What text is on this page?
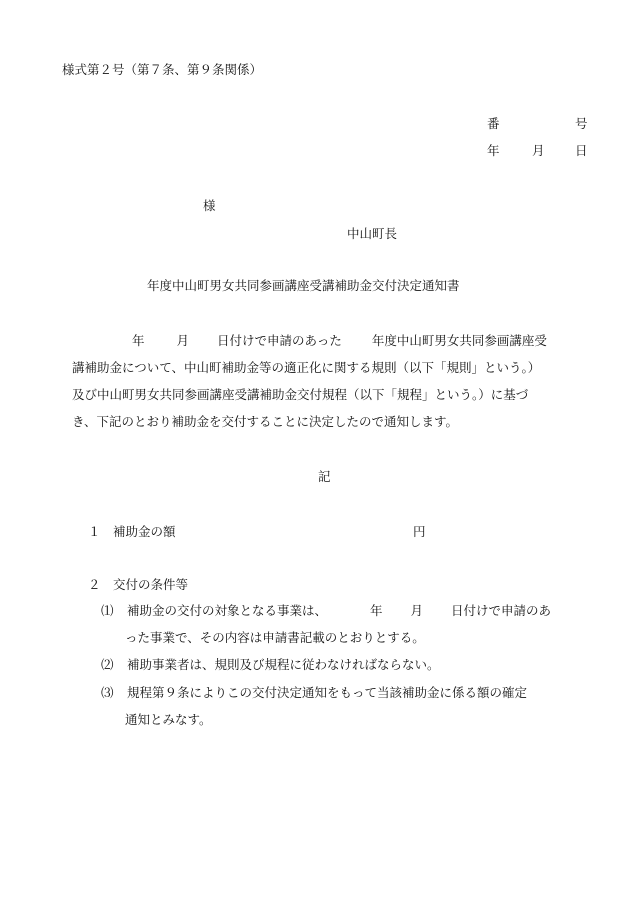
様式第２号（第７条、第９条関係）
番	号
年	月 日
様
中山町長
年度中山町男女共同参画講座受講補助金交付決定通知書
年	月 日付けで申請のあった 年度中山町男女共同参画講座受
講補助金について、中山町補助金等の適正化に関する規則（以下「規則」という。）
及び中山町男女共同参画講座受講補助金交付規程（以下「規程」という。）に基づ
き、下記のとおり補助金を交付することに決定したので通知します。
記
１ 補助金の額	円
２ 交付の条件等
⑴ 補助金の交付の対象となる事業は、	年 月 日付けで申請のあ
った事業で、その内容は申請書記載のとおりとする。
⑵ 補助事業者は、規則及び規程に従わなければならない。
⑶ 規程第９条によりこの交付決定通知をもって当該補助金に係る額の確定
通知とみなす。
